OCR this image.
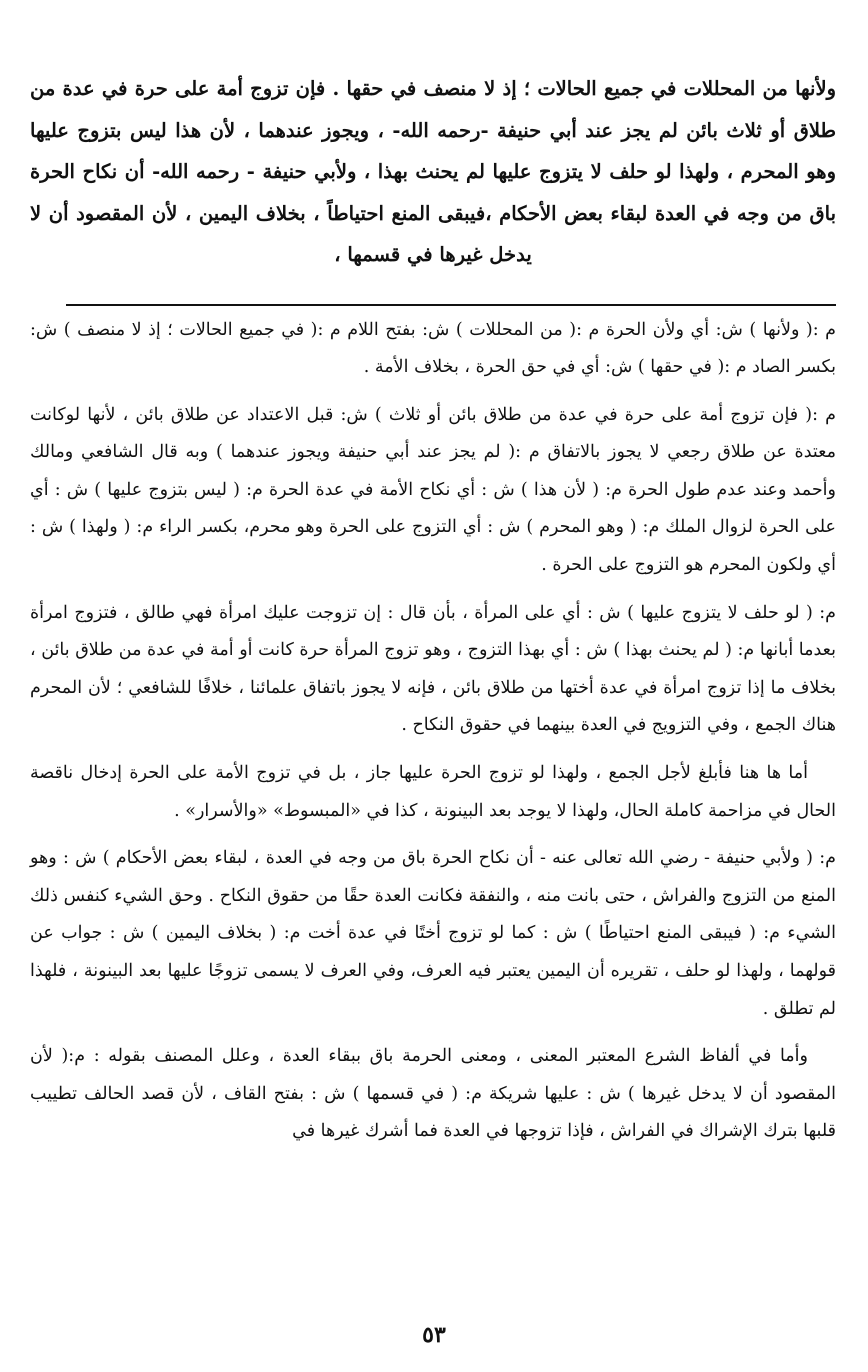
ولأنها من المحللات في جميع الحالات ؛ إذ لا منصف في حقها . فإن تزوج أمة على حرة في عدة من طلاق أو ثلاث بائن لم يجز عند أبي حنيفة -رحمه الله- ، ويجوز عندهما ، لأن هذا ليس بتزوج عليها وهو المحرم ، ولهذا لو حلف لا يتزوج عليها لم يحنث بهذا ، ولأبي حنيفة - رحمه الله- أن نكاح الحرة باق من وجه في العدة لبقاء بعض الأحكام ،فيبقى المنع احتياطاً ، بخلاف اليمين ، لأن المقصود أن لا يدخل غيرها في قسمها ،

م :( ولأنها ) ش: أي ولأن الحرة م :( من المحللات ) ش: بفتح اللام م :( في جميع الحالات ؛ إذ لا منصف ) ش: بكسر الصاد م :( في حقها ) ش: أي في حق الحرة ، بخلاف الأمة .

م :( فإن تزوج أمة على حرة في عدة من طلاق بائن أو ثلاث ) ش: قبل الاعتداد عن طلاق بائن ، لأنها لوكانت معتدة عن طلاق رجعي لا يجوز بالاتفاق م :( لم يجز عند أبي حنيفة ويجوز عندهما ) وبه قال الشافعي ومالك وأحمد وعند عدم طول الحرة م: ( لأن هذا ) ش : أي نكاح الأمة في عدة الحرة م: ( ليس بتزوج عليها ) ش : أي على الحرة لزوال الملك م: ( وهو المحرم ) ش : أي التزوج على الحرة وهو محرم، بكسر الراء م: ( ولهذا ) ش : أي ولكون المحرم هو التزوج على الحرة .

م: ( لو حلف لا يتزوج عليها ) ش : أي على المرأة ، بأن قال : إن تزوجت عليك امرأة فهي طالق ، فتزوج امرأة بعدما أبانها م: ( لم يحنث بهذا ) ش : أي بهذا التزوج ، وهو تزوج المرأة حرة كانت أو أمة في عدة من طلاق بائن ، بخلاف ما إذا تزوج امرأة في عدة أختها من طلاق بائن ، فإنه لا يجوز باتفاق علمائنا ، خلافًا للشافعي ؛ لأن المحرم هناك الجمع ، وفي التزويج في العدة بينهما في حقوق النكاح .

أما ها هنا فأبلغ لأجل الجمع ، ولهذا لو تزوج الحرة عليها جاز ، بل في تزوج الأمة على الحرة إدخال ناقصة الحال في مزاحمة كاملة الحال، ولهذا لا يوجد بعد البينونة ، كذا في «المبسوط» «والأسرار» .

م: ( ولأبي حنيفة - رضي الله تعالى عنه - أن نكاح الحرة باق من وجه في العدة ، لبقاء بعض الأحكام ) ش : وهو المنع من التزوج والفراش ، حتى بانت منه ، والنفقة فكانت العدة حقًا من حقوق النكاح . وحق الشيء كنفس ذلك الشيء م: ( فيبقى المنع احتياطًا ) ش : كما لو تزوج أختًا في عدة أخت م: ( بخلاف اليمين ) ش : جواب عن قولهما ، ولهذا لو حلف ، تقريره أن اليمين يعتبر فيه العرف، وفي العرف لا يسمى تزوجًا عليها بعد البينونة ، فلهذا لم تطلق .

وأما في ألفاظ الشرع المعتبر المعنى ، ومعنى الحرمة باق ببقاء العدة ، وعلل المصنف بقوله : م:( لأن المقصود أن لا يدخل غيرها ) ش : عليها شريكة م: ( في قسمها ) ش : بفتح القاف ، لأن قصد الحالف تطييب قلبها بترك الإشراك في الفراش ، فإذا تزوجها في العدة فما أشرك غيرها في

٥٣
